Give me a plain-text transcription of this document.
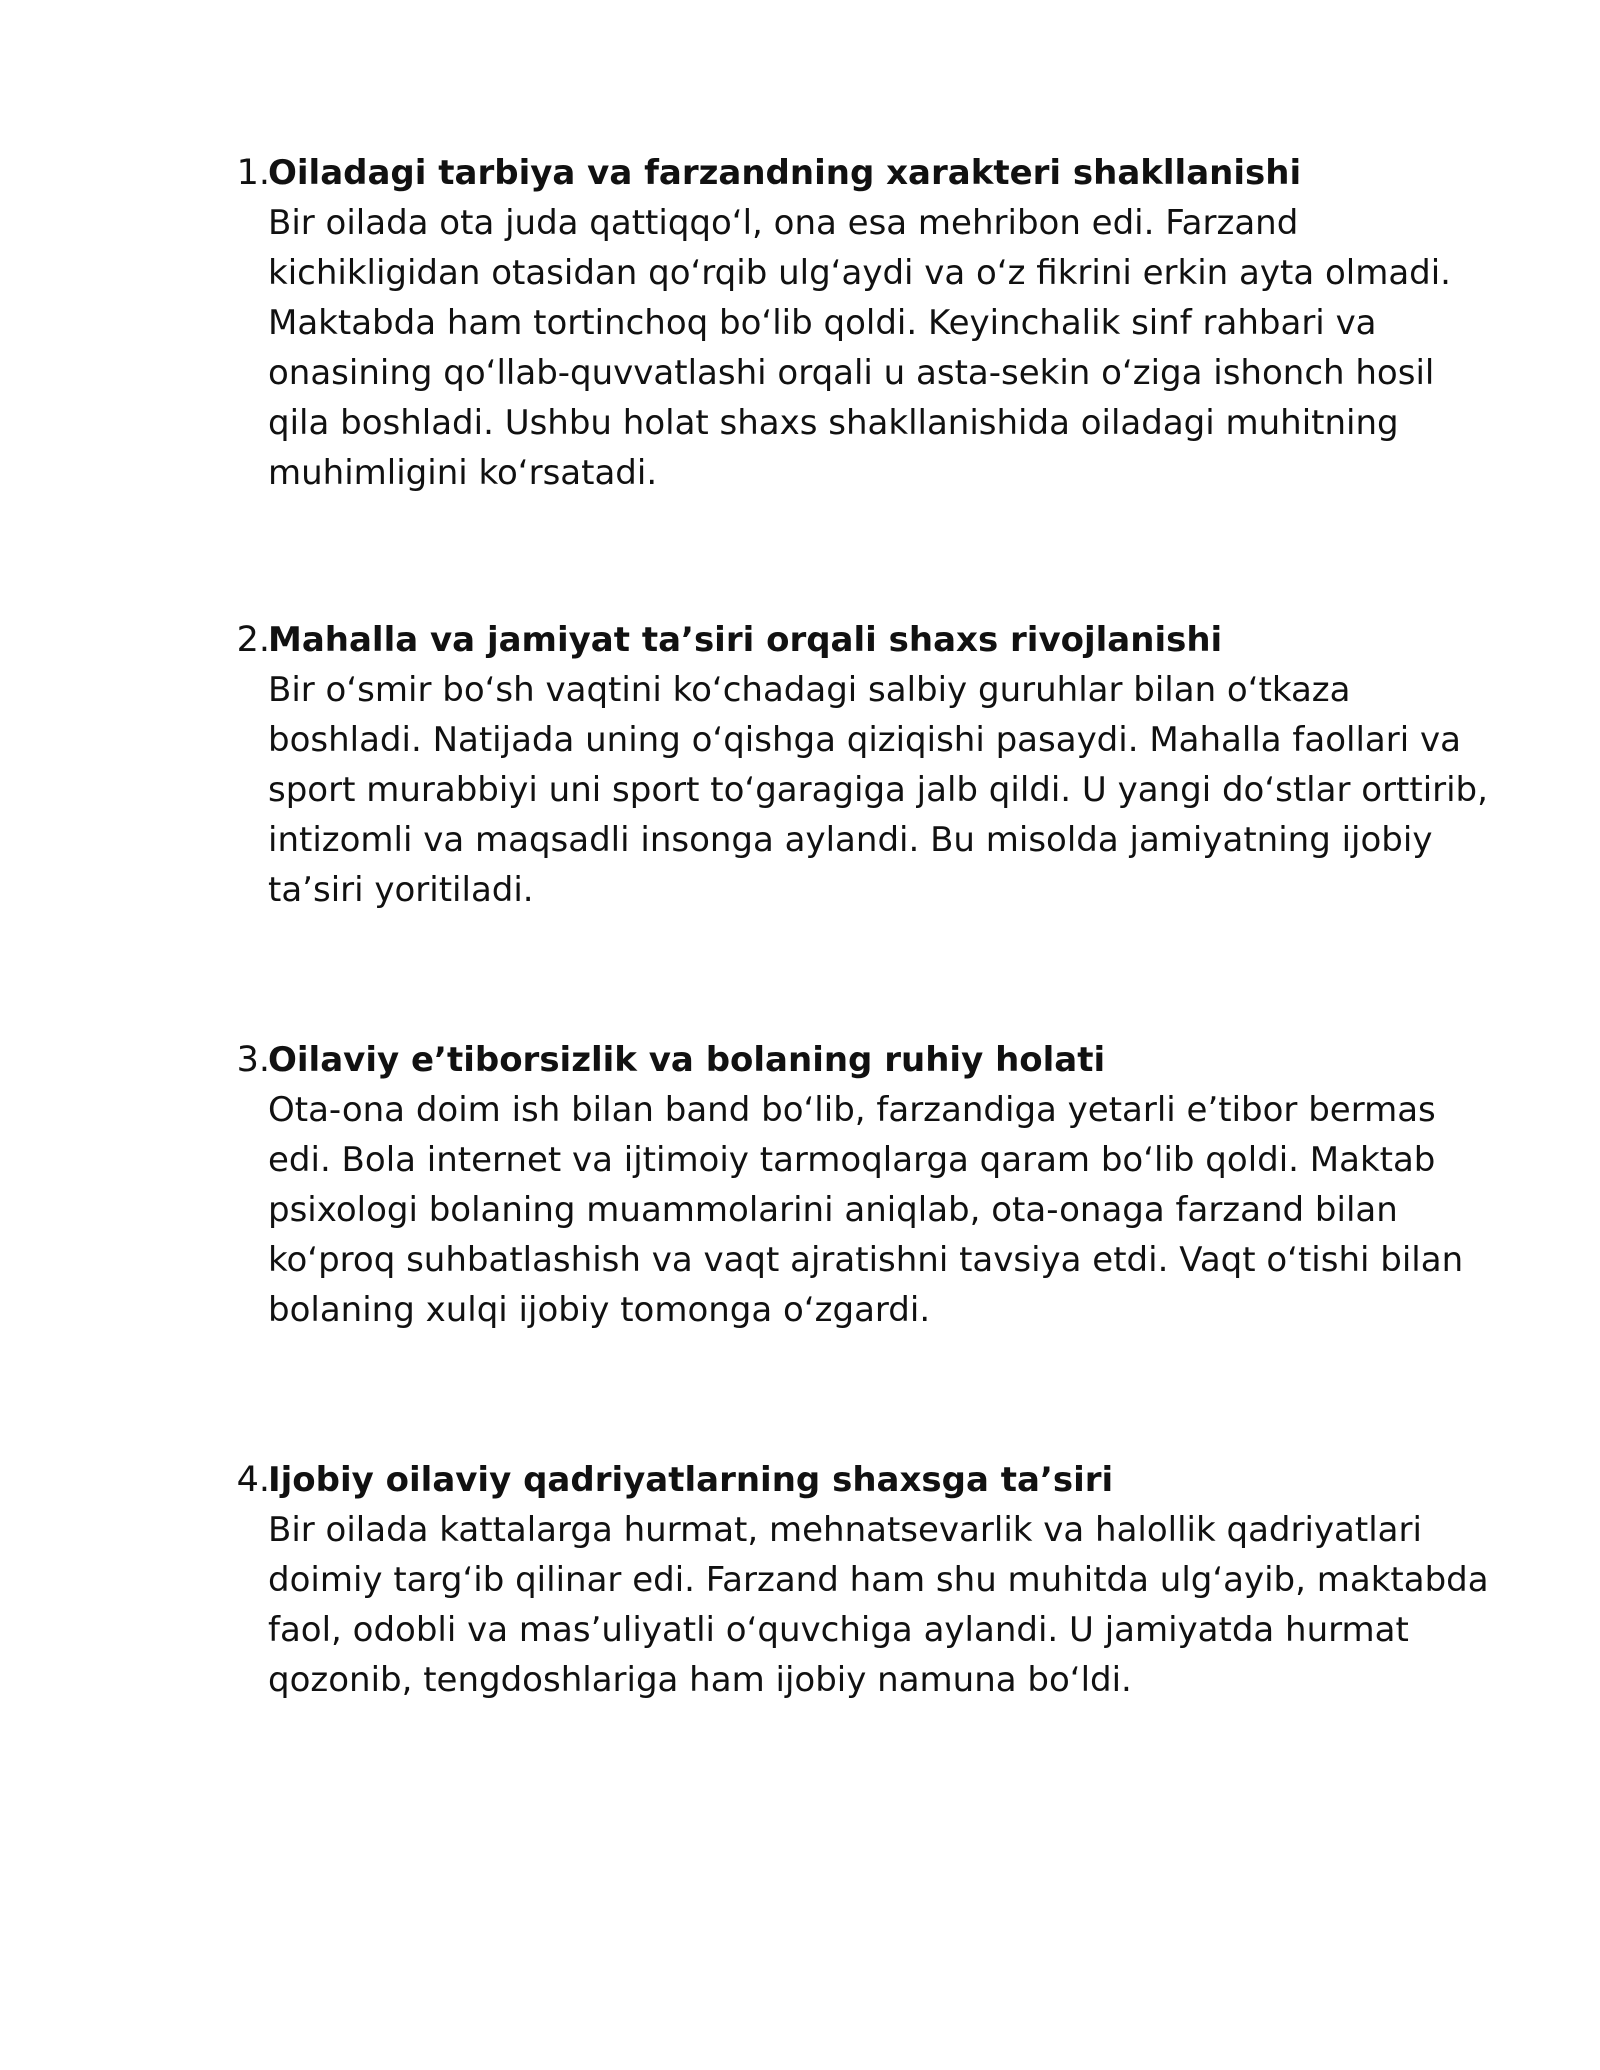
1.

Oiladagi tarbiya va farzandning xarakteri shakllanishi

Bir oilada ota juda qattiqqo‘l, ona esa mehribon edi. Farzand kichikligidan otasidan qo‘rqib ulg‘aydi va o‘z fikrini erkin ayta olmadi. Maktabda ham tortinchoq bo‘lib qoldi. Keyinchalik sinf rahbari va onasining qo‘llab-quvvatlashi orqali u asta-sekin o‘ziga ishonch hosil qila boshladi. Ushbu holat shaxs shakllanishida oiladagi muhitning muhimligini ko‘rsatadi.

2.

Mahalla va jamiyat ta’siri orqali shaxs rivojlanishi

Bir o‘smir bo‘sh vaqtini ko‘chadagi salbiy guruhlar bilan o‘tkaza boshladi. Natijada uning o‘qishga qiziqishi pasaydi. Mahalla faollari va sport murabbiyi uni sport to‘garagiga jalb qildi. U yangi do‘stlar orttirib, intizomli va maqsadli insonga aylandi. Bu misolda jamiyatning ijobiy ta’siri yoritiladi.

3.

Oilaviy e’tiborsizlik va bolaning ruhiy holati

Ota-ona doim ish bilan band bo‘lib, farzandiga yetarli e’tibor bermas edi. Bola internet va ijtimoiy tarmoqlarga qaram bo‘lib qoldi. Maktab psixologi bolaning muammolarini aniqlab, ota-onaga farzand bilan ko‘proq suhbatlashish va vaqt ajratishni tavsiya etdi. Vaqt o‘tishi bilan bolaning xulqi ijobiy tomonga o‘zgardi.

4.

Ijobiy oilaviy qadriyatlarning shaxsga ta’siri

Bir oilada kattalarga hurmat, mehnatsevarlik va halollik qadriyatlari doimiy targ‘ib qilinar edi. Farzand ham shu muhitda ulg‘ayib, maktabda faol, odobli va mas’uliyatli o‘quvchiga aylandi. U jamiyatda hurmat qozonib, tengdoshlariga ham ijobiy namuna bo‘ldi.
